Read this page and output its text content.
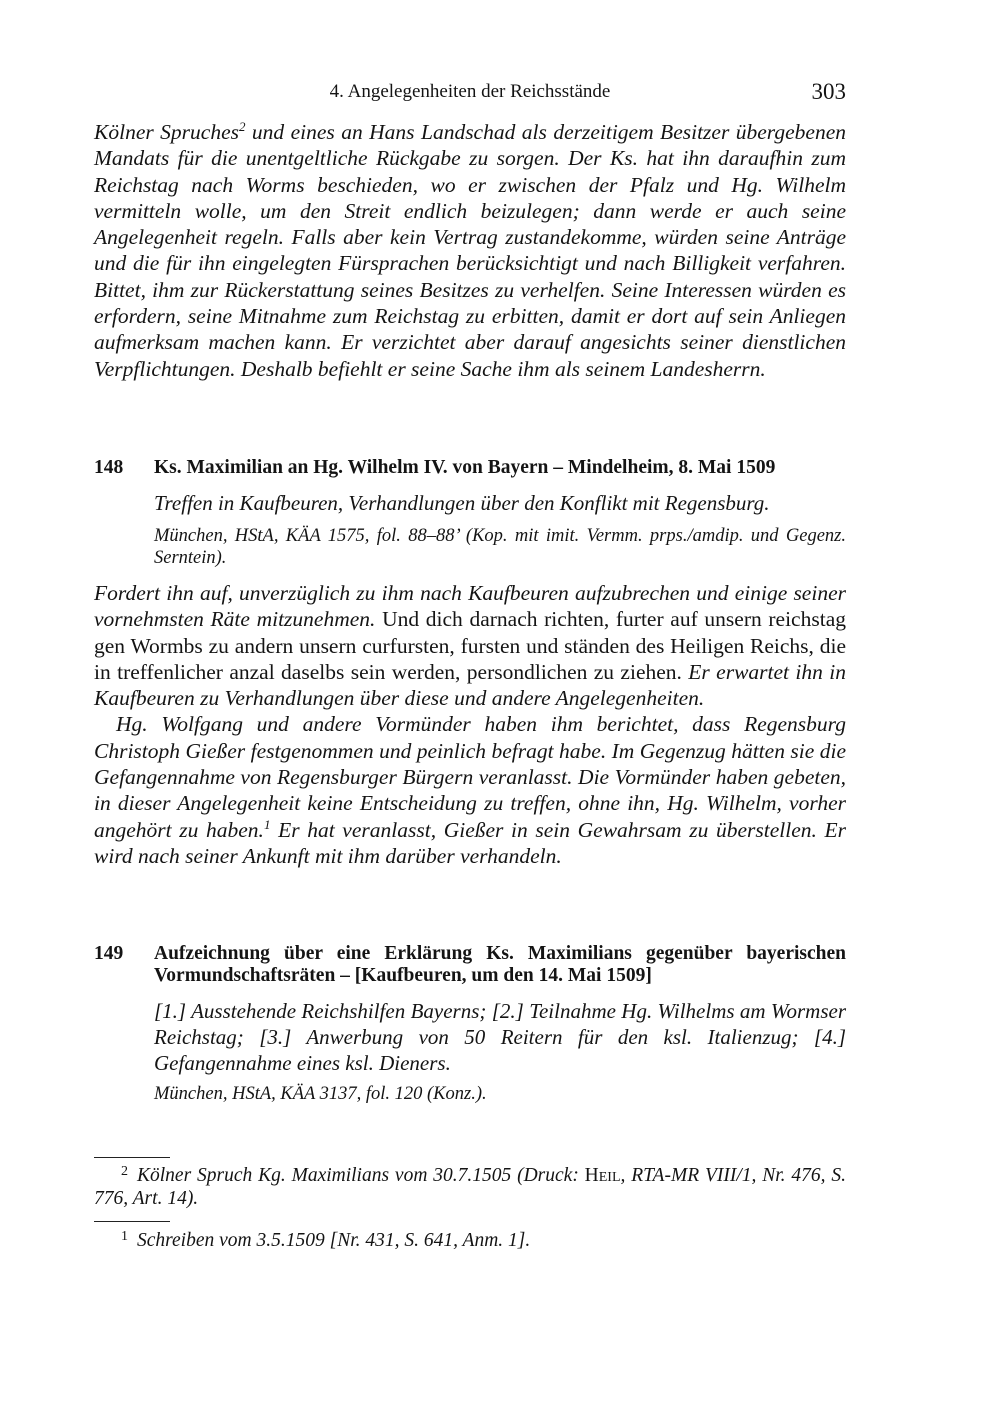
4. Angelegenheiten der Reichsstände	303
Kölner Spruches$^2$ und eines an Hans Landschad als derzeitigem Besitzer übergebenen Mandats für die unentgeltliche Rückgabe zu sorgen. Der Ks. hat ihn daraufhin zum Reichstag nach Worms beschieden, wo er zwischen der Pfalz und Hg. Wilhelm vermitteln wolle, um den Streit endlich beizulegen; dann werde er auch seine Angelegenheit regeln. Falls aber kein Vertrag zustandekomme, würden seine Anträge und die für ihn eingelegten Fürsprachen berücksichtigt und nach Billigkeit verfahren. Bittet, ihm zur Rückerstattung seines Besitzes zu verhelfen. Seine Interessen würden es erfordern, seine Mitnahme zum Reichstag zu erbitten, damit er dort auf sein Anliegen aufmerksam machen kann. Er verzichtet aber darauf angesichts seiner dienstlichen Verpflichtungen. Deshalb befiehlt er seine Sache ihm als seinem Landesherrn.
148 Ks. Maximilian an Hg. Wilhelm IV. von Bayern – Mindelheim, 8. Mai 1509
Treffen in Kaufbeuren, Verhandlungen über den Konflikt mit Regensburg.
München, HStA, KÄA 1575, fol. 88–88’ (Kop. mit imit. Vermm. prps./amdip. und Gegenz. Serntein).

Fordert ihn auf, unverzüglich zu ihm nach Kaufbeuren aufzubrechen und einige seiner vornehmsten Räte mitzunehmen. Und dich darnach richten, furter auf unsern reichstag gen Wormbs zu andern unsern curfursten, fursten und ständen des Heiligen Reichs, die in treffenlicher anzal daselbs sein werden, persondlichen zu ziehen. Er erwartet ihn in Kaufbeuren zu Verhandlungen über diese und andere Angelegenheiten.

Hg. Wolfgang und andere Vormünder haben ihm berichtet, dass Regensburg Christoph Gießer festgenommen und peinlich befragt habe. Im Gegenzug hätten sie die Gefangennahme von Regensburger Bürgern veranlasst. Die Vormünder haben gebeten, in dieser Angelegenheit keine Entscheidung zu treffen, ohne ihn, Hg. Wilhelm, vorher angehört zu haben.$^1$ Er hat veranlasst, Gießer in sein Gewahrsam zu überstellen. Er wird nach seiner Ankunft mit ihm darüber verhandeln.

149 Aufzeichnung über eine Erklärung Ks. Maximilians gegenüber bayerischen Vormundschaftsräten – [Kaufbeuren, um den 14. Mai 1509]
[1.] Ausstehende Reichshilfen Bayerns; [2.] Teilnahme Hg. Wilhelms am Wormser Reichstag; [3.] Anwerbung von 50 Reitern für den ksl. Italienzug; [4.] Gefangennahme eines ksl. Dieners.
München, HStA, KÄA 3137, fol. 120 (Konz.).
$^2$ Kölner Spruch Kg. Maximilians vom 30.7.1505 (Druck: Heil, RTA-MR VIII/1, Nr. 476, S. 776, Art. 14).
$^1$ Schreiben vom 3.5.1509 [Nr. 431, S. 641, Anm. 1].
